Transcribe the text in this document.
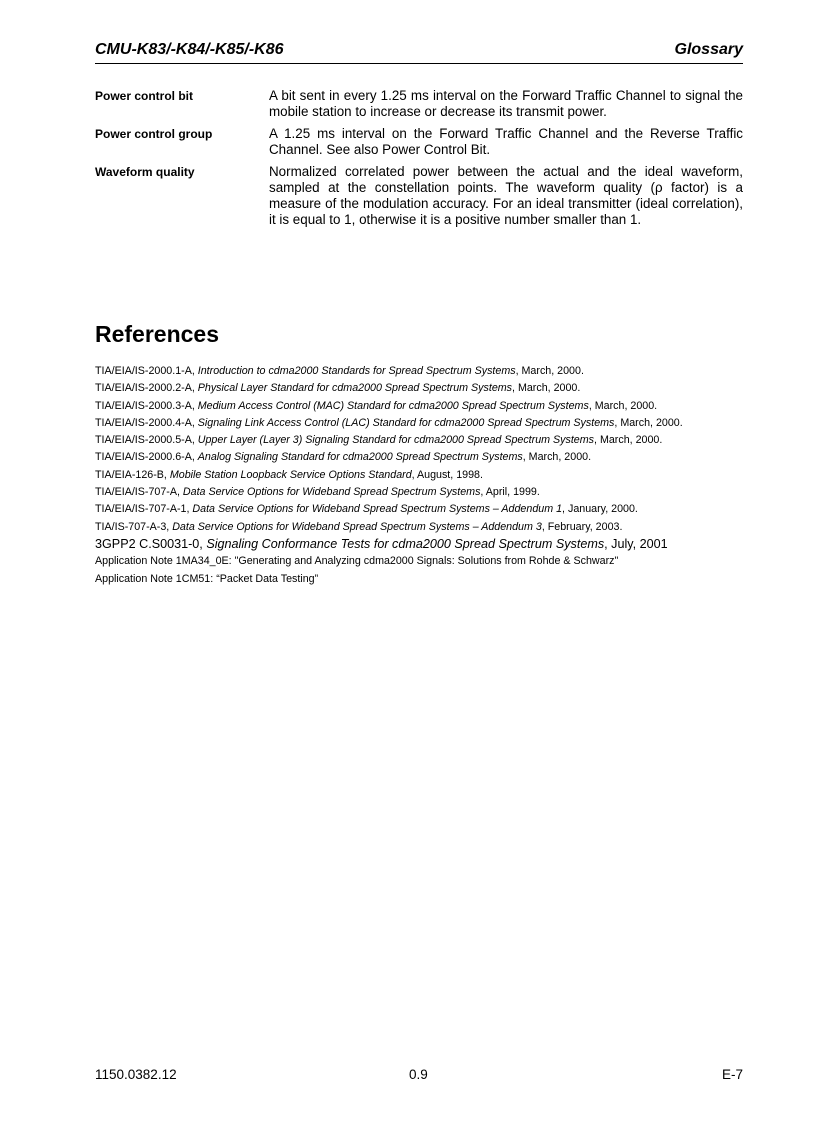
CMU-K83/-K84/-K85/-K86	Glossary
Power control bit	A bit sent in every 1.25 ms interval on the Forward Traffic Channel to signal the mobile station to increase or decrease its transmit power.
Power control group	A 1.25 ms interval on the Forward Traffic Channel and the Reverse Traffic Channel. See also Power Control Bit.
Waveform quality	Normalized correlated power between the actual and the ideal waveform, sampled at the constellation points. The waveform quality (ρ factor) is a measure of the modulation accuracy. For an ideal transmitter (ideal correlation), it is equal to 1, otherwise it is a positive number smaller than 1.
References
TIA/EIA/IS-2000.1-A, Introduction to cdma2000 Standards for Spread Spectrum Systems, March, 2000.
TIA/EIA/IS-2000.2-A, Physical Layer Standard for cdma2000 Spread Spectrum Systems, March, 2000.
TIA/EIA/IS-2000.3-A, Medium Access Control (MAC) Standard for cdma2000 Spread Spectrum Systems, March, 2000.
TIA/EIA/IS-2000.4-A, Signaling Link Access Control (LAC) Standard for cdma2000 Spread Spectrum Systems, March, 2000.
TIA/EIA/IS-2000.5-A, Upper Layer (Layer 3) Signaling Standard for cdma2000 Spread Spectrum Systems, March, 2000.
TIA/EIA/IS-2000.6-A, Analog Signaling Standard for cdma2000 Spread Spectrum Systems, March, 2000.
TIA/EIA-126-B, Mobile Station Loopback Service Options Standard, August, 1998.
TIA/EIA/IS-707-A, Data Service Options for Wideband Spread Spectrum Systems, April, 1999.
TIA/EIA/IS-707-A-1, Data Service Options for Wideband Spread Spectrum Systems – Addendum 1, January, 2000.
TIA/IS-707-A-3, Data Service Options for Wideband Spread Spectrum Systems – Addendum 3, February, 2003.
3GPP2 C.S0031-0, Signaling Conformance Tests for cdma2000 Spread Spectrum Systems, July, 2001
Application Note 1MA34_0E: "Generating and Analyzing cdma2000 Signals: Solutions from Rohde & Schwarz"
Application Note 1CM51: “Packet Data Testing”
1150.0382.12	0.9	E-7
